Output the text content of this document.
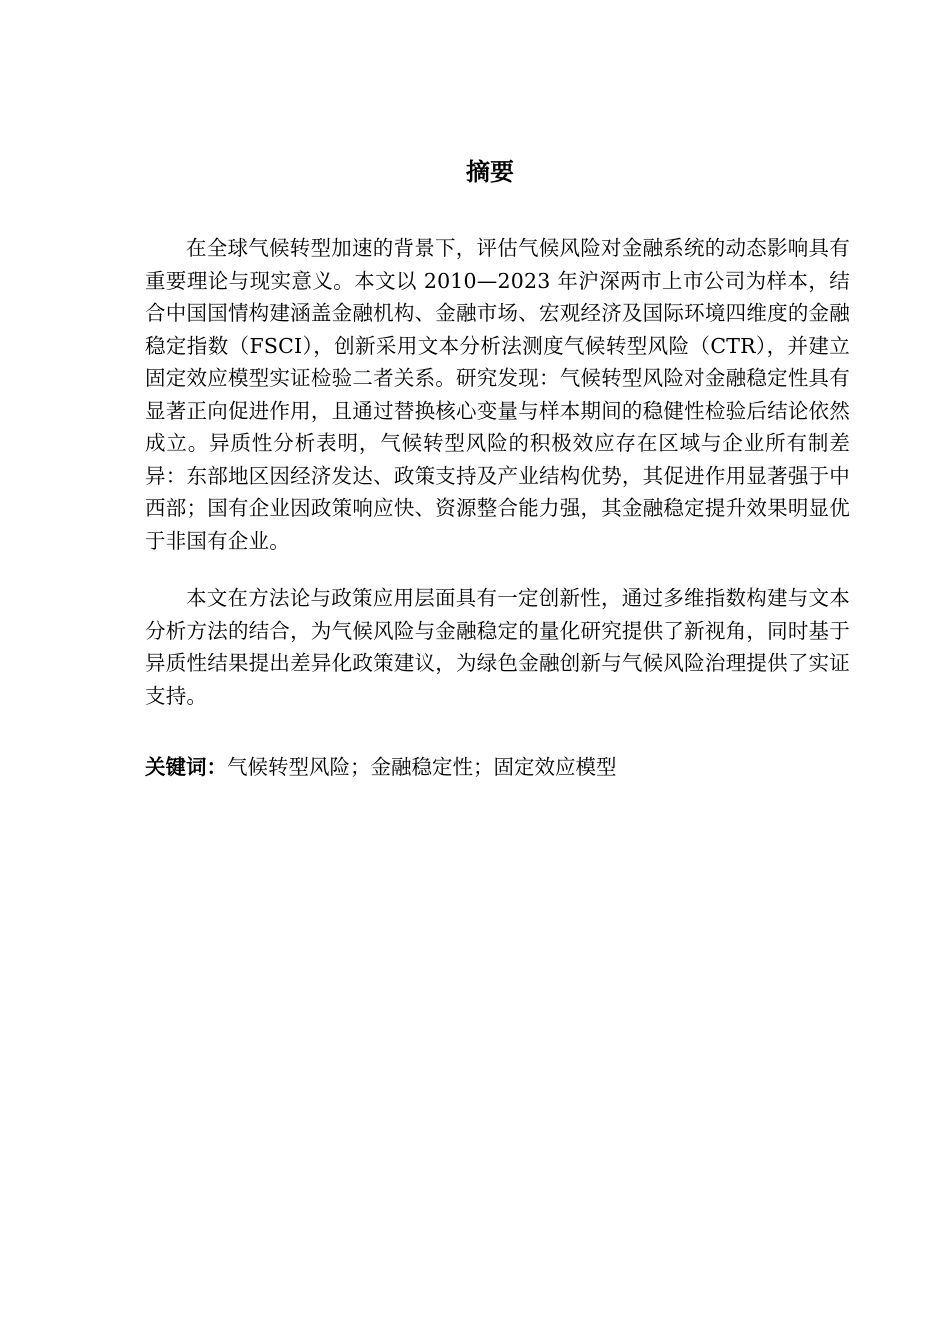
摘要

在全球气候转型加速的背景下，评估气候风险对金融系统的动态影响具有重要理论与现实意义。本文以 2010—2023 年沪深两市上市公司为样本，结合中国国情构建涵盖金融机构、金融市场、宏观经济及国际环境四维度的金融稳定指数（FSCI），创新采用文本分析法测度气候转型风险（CTR），并建立固定效应模型实证检验二者关系。研究发现：气候转型风险对金融稳定性具有显著正向促进作用，且通过替换核心变量与样本期间的稳健性检验后结论依然成立。异质性分析表明，气候转型风险的积极效应存在区域与企业所有制差异：东部地区因经济发达、政策支持及产业结构优势，其促进作用显著强于中西部；国有企业因政策响应快、资源整合能力强，其金融稳定提升效果明显优于非国有企业。

本文在方法论与政策应用层面具有一定创新性，通过多维指数构建与文本分析方法的结合，为气候风险与金融稳定的量化研究提供了新视角，同时基于异质性结果提出差异化政策建议，为绿色金融创新与气候风险治理提供了实证支持。

关键词：气候转型风险；金融稳定性；固定效应模型
